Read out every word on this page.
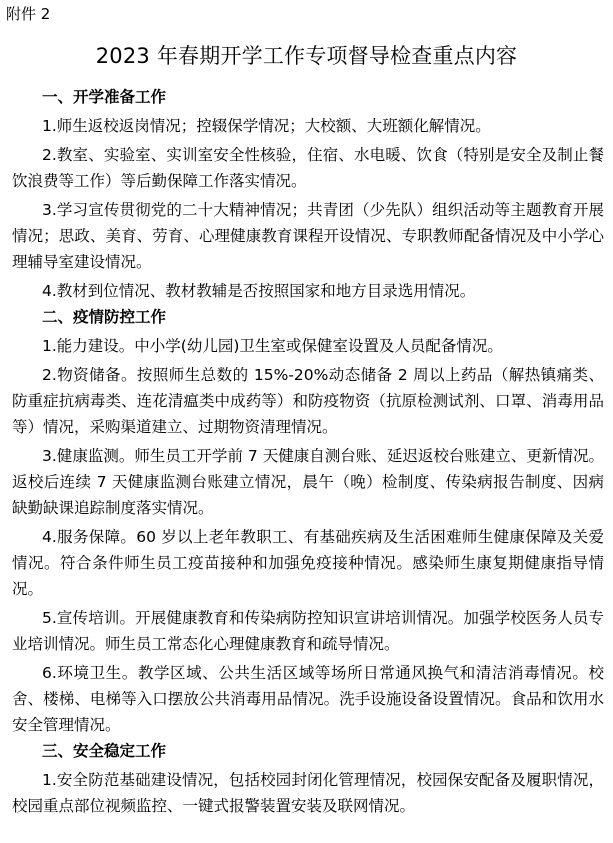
附件 2
2023 年春期开学工作专项督导检查重点内容
一、开学准备工作

1.师生返校返岗情况；控辍保学情况；大校额、大班额化解情况。

2.教室、实验室、实训室安全性核验，住宿、水电暖、饮食（特别是安全及制止餐饮浪费等工作）等后勤保障工作落实情况。

3.学习宣传贯彻党的二十大精神情况；共青团（少先队）组织活动等主题教育开展情况；思政、美育、劳育、心理健康教育课程开设情况、专职教师配备情况及中小学心理辅导室建设情况。

4.教材到位情况、教材教辅是否按照国家和地方目录选用情况。

二、疫情防控工作

1.能力建设。中小学(幼儿园)卫生室或保健室设置及人员配备情况。

2.物资储备。按照师生总数的 15%-20%动态储备 2 周以上药品（解热镇痛类、防重症抗病毒类、连花清瘟类中成药等）和防疫物资（抗原检测试剂、口罩、消毒用品等）情况，采购渠道建立、过期物资清理情况。

3.健康监测。师生员工开学前 7 天健康自测台账、延迟返校台账建立、更新情况。返校后连续 7 天健康监测台账建立情况，晨午（晚）检制度、传染病报告制度、因病缺勤缺课追踪制度落实情况。

4.服务保障。60 岁以上老年教职工、有基础疾病及生活困难师生健康保障及关爱情况。符合条件师生员工疫苗接种和加强免疫接种情况。感染师生康复期健康指导情况。

5.宣传培训。开展健康教育和传染病防控知识宣讲培训情况。加强学校医务人员专业培训情况。师生员工常态化心理健康教育和疏导情况。

6.环境卫生。教学区域、公共生活区域等场所日常通风换气和清洁消毒情况。校舍、楼梯、电梯等入口摆放公共消毒用品情况。洗手设施设备设置情况。食品和饮用水安全管理情况。

三、安全稳定工作

1.安全防范基础建设情况，包括校园封闭化管理情况，校园保安配备及履职情况，校园重点部位视频监控、一键式报警装置安装及联网情况。
